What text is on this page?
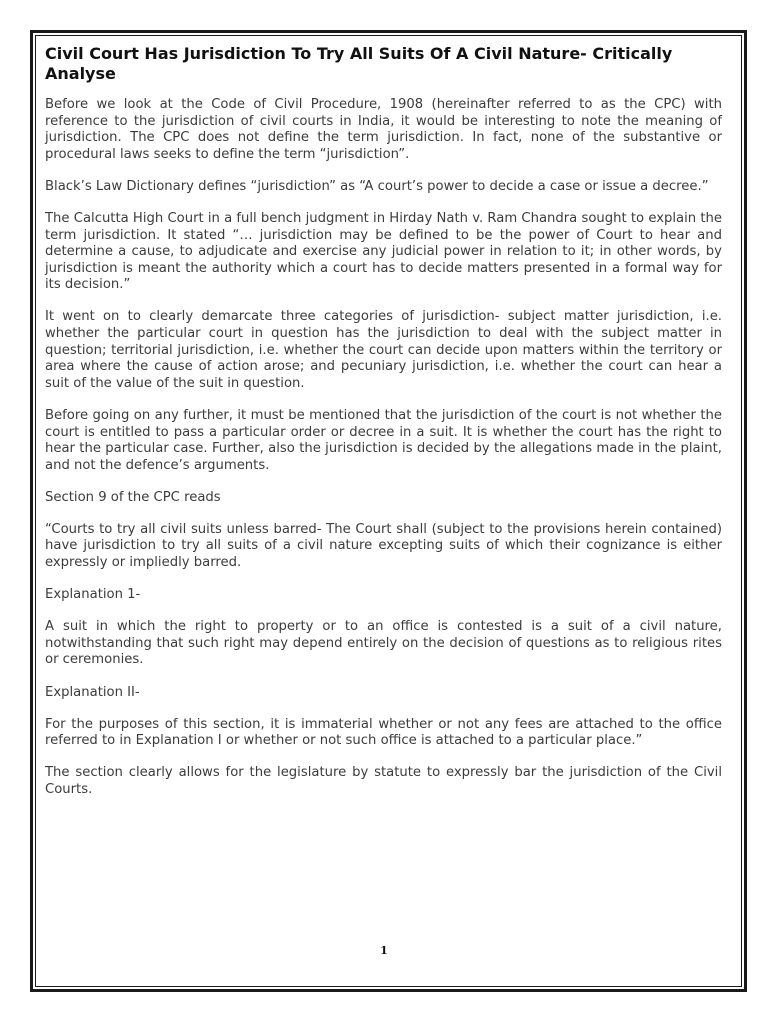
Civil Court Has Jurisdiction To Try All Suits Of A Civil Nature- Critically Analyse

Before we look at the Code of Civil Procedure, 1908 (hereinafter referred to as the CPC) with reference to the jurisdiction of civil courts in India, it would be interesting to note the meaning of jurisdiction. The CPC does not define the term jurisdiction. In fact, none of the substantive or procedural laws seeks to define the term “jurisdiction”.

Black’s Law Dictionary defines “jurisdiction” as “A court’s power to decide a case or issue a decree.”

The Calcutta High Court in a full bench judgment in Hirday Nath v. Ram Chandra sought to explain the term jurisdiction. It stated “… jurisdiction may be defined to be the power of Court to hear and determine a cause, to adjudicate and exercise any judicial power in relation to it; in other words, by jurisdiction is meant the authority which a court has to decide matters presented in a formal way for its decision.”

It went on to clearly demarcate three categories of jurisdiction- subject matter jurisdiction, i.e. whether the particular court in question has the jurisdiction to deal with the subject matter in question; territorial jurisdiction, i.e. whether the court can decide upon matters within the territory or area where the cause of action arose; and pecuniary jurisdiction, i.e. whether the court can hear a suit of the value of the suit in question.

Before going on any further, it must be mentioned that the jurisdiction of the court is not whether the court is entitled to pass a particular order or decree in a suit. It is whether the court has the right to hear the particular case. Further, also the jurisdiction is decided by the allegations made in the plaint, and not the defence’s arguments.

Section 9 of the CPC reads

“Courts to try all civil suits unless barred- The Court shall (subject to the provisions herein contained) have jurisdiction to try all suits of a civil nature excepting suits of which their cognizance is either expressly or impliedly barred.

Explanation 1-

A suit in which the right to property or to an office is contested is a suit of a civil nature, notwithstanding that such right may depend entirely on the decision of questions as to religious rites or ceremonies.

Explanation II-

For the purposes of this section, it is immaterial whether or not any fees are attached to the office referred to in Explanation I or whether or not such office is attached to a particular place.”

The section clearly allows for the legislature by statute to expressly bar the jurisdiction of the Civil Courts.

1
